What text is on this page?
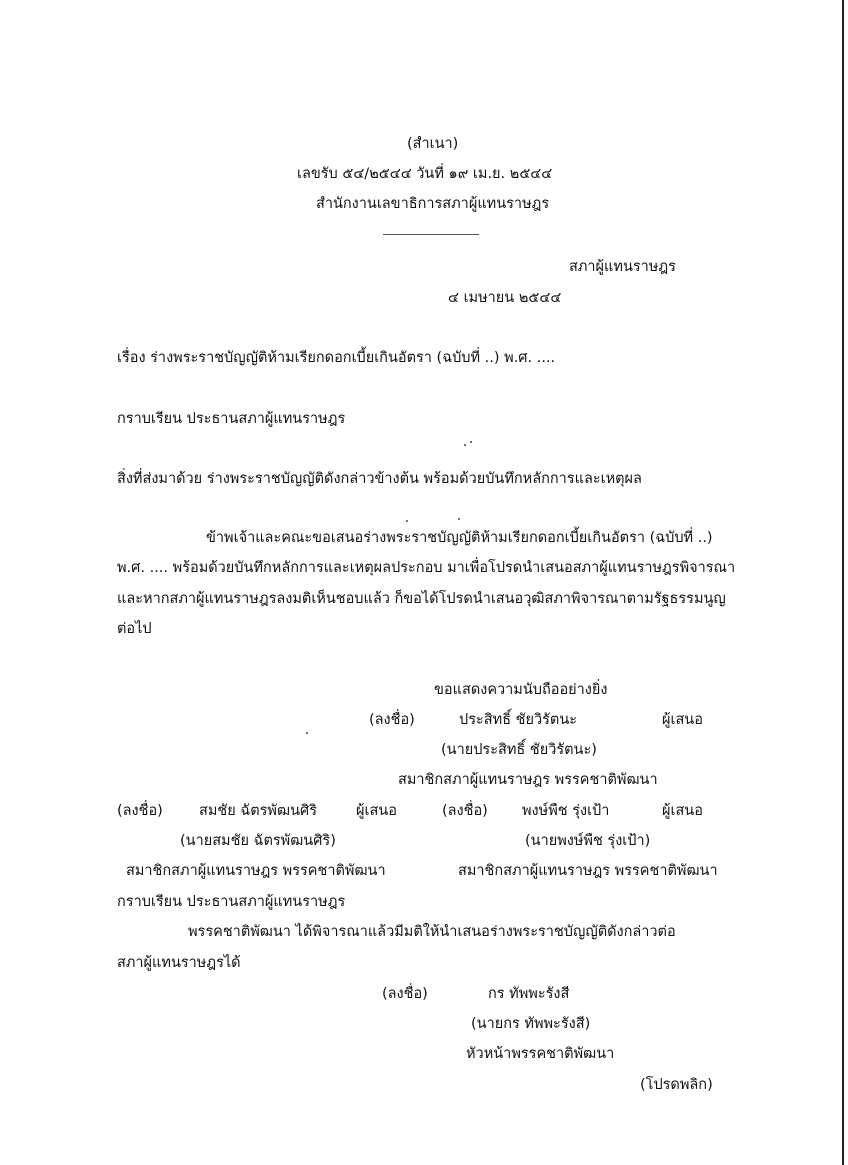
(สำเนา)
เลขรับ ๕๔/๒๕๔๔ วันที่ ๑๙ เม.ย. ๒๕๔๔
สำนักงานเลขาธิการสภาผู้แทนราษฎร
สภาผู้แทนราษฎร
๔ เมษายน ๒๕๔๔
เรื่อง ร่างพระราชบัญญัติห้ามเรียกดอกเบี้ยเกินอัตรา (ฉบับที่ ..) พ.ศ. ....
กราบเรียน ประธานสภาผู้แทนราษฎร
สิ่งที่ส่งมาด้วย ร่างพระราชบัญญัติดังกล่าวข้างต้น พร้อมด้วยบันทึกหลักการและเหตุผล
ข้าพเจ้าและคณะขอเสนอร่างพระราชบัญญัติห้ามเรียกดอกเบี้ยเกินอัตรา (ฉบับที่ ..)
พ.ศ. .... พร้อมด้วยบันทึกหลักการและเหตุผลประกอบ มาเพื่อโปรดนำเสนอสภาผู้แทนราษฎรพิจารณา
และหากสภาผู้แทนราษฎรลงมติเห็นชอบแล้ว ก็ขอได้โปรดนำเสนอวุฒิสภาพิจารณาตามรัฐธรรมนูญ
ต่อไป
ขอแสดงความนับถืออย่างยิ่ง
(ลงชื่อ)	ประสิทธิ์ ชัยวิรัตนะ	ผู้เสนอ
(นายประสิทธิ์ ชัยวิรัตนะ)
สมาชิกสภาผู้แทนราษฎร พรรคชาติพัฒนา
(ลงชื่อ) สมชัย ฉัตรพัฒนศิริ	ผู้เสนอ
(นายสมชัย ฉัตรพัฒนศิริ)
สมาชิกสภาผู้แทนราษฎร พรรคชาติพัฒนา
(ลงชื่อ) พงษ์พืช รุ่งเป้า	ผู้เสนอ
(นายพงษ์พืช รุ่งเป้า)
สมาชิกสภาผู้แทนราษฎร พรรคชาติพัฒนา
กราบเรียน ประธานสภาผู้แทนราษฎร
พรรคชาติพัฒนา ได้พิจารณาแล้วมีมติให้นำเสนอร่างพระราชบัญญัติดังกล่าวต่อ
สภาผู้แทนราษฎรได้
(ลงชื่อ)	กร ทัพพะรังสี
(นายกร ทัพพะรังสี)
หัวหน้าพรรคชาติพัฒนา
(โปรดพลิก)
